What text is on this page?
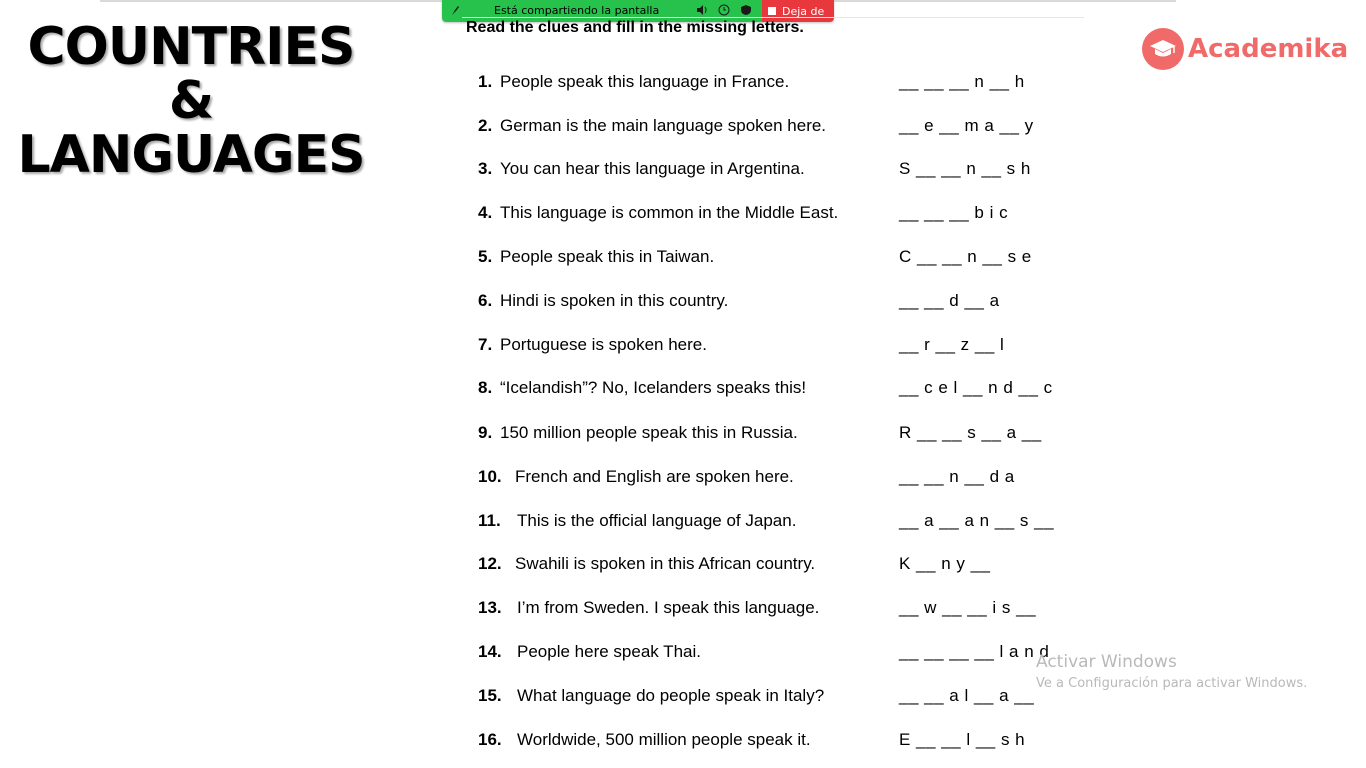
Está compartiendo la pantalla	Deja de
COUNTRIES &
LANGUAGES
Academika
Read the clues and fill in the missing letters.
1. People speak this language in France.	__ __ __ n __ h
2. German is the main language spoken here.	__ e __ m a __ y
3. You can hear this language in Argentina.	S __ __ n __ s h
4. This language is common in the Middle East.	__ __ __ b i c
5. People speak this in Taiwan.	C __ __ n __ s e
6. Hindi is spoken in this country.	__ __ d __ a
7. Portuguese is spoken here.	__ r __ z __ l
8. “Icelandish”? No, Icelanders speaks this!	__ c e l __ n d __ c
9. 150 million people speak this in Russia.	R __ __ s __ a __
10. French and English are spoken here.	__ __ n __ d a
11. This is the official language of Japan.	__ a __ a n __ s __
12. Swahili is spoken in this African country.	K __ n y __
13. I’m from Sweden. I speak this language.	__ w __ __ i s __
14. People here speak Thai.	__ __ __ __ l a n d
15. What language do people speak in Italy?	__ __ a l __ a __
16. Worldwide, 500 million people speak it.	E __ __ l __ s h
Activar Windows
Ve a Configuración para activar Windows.
